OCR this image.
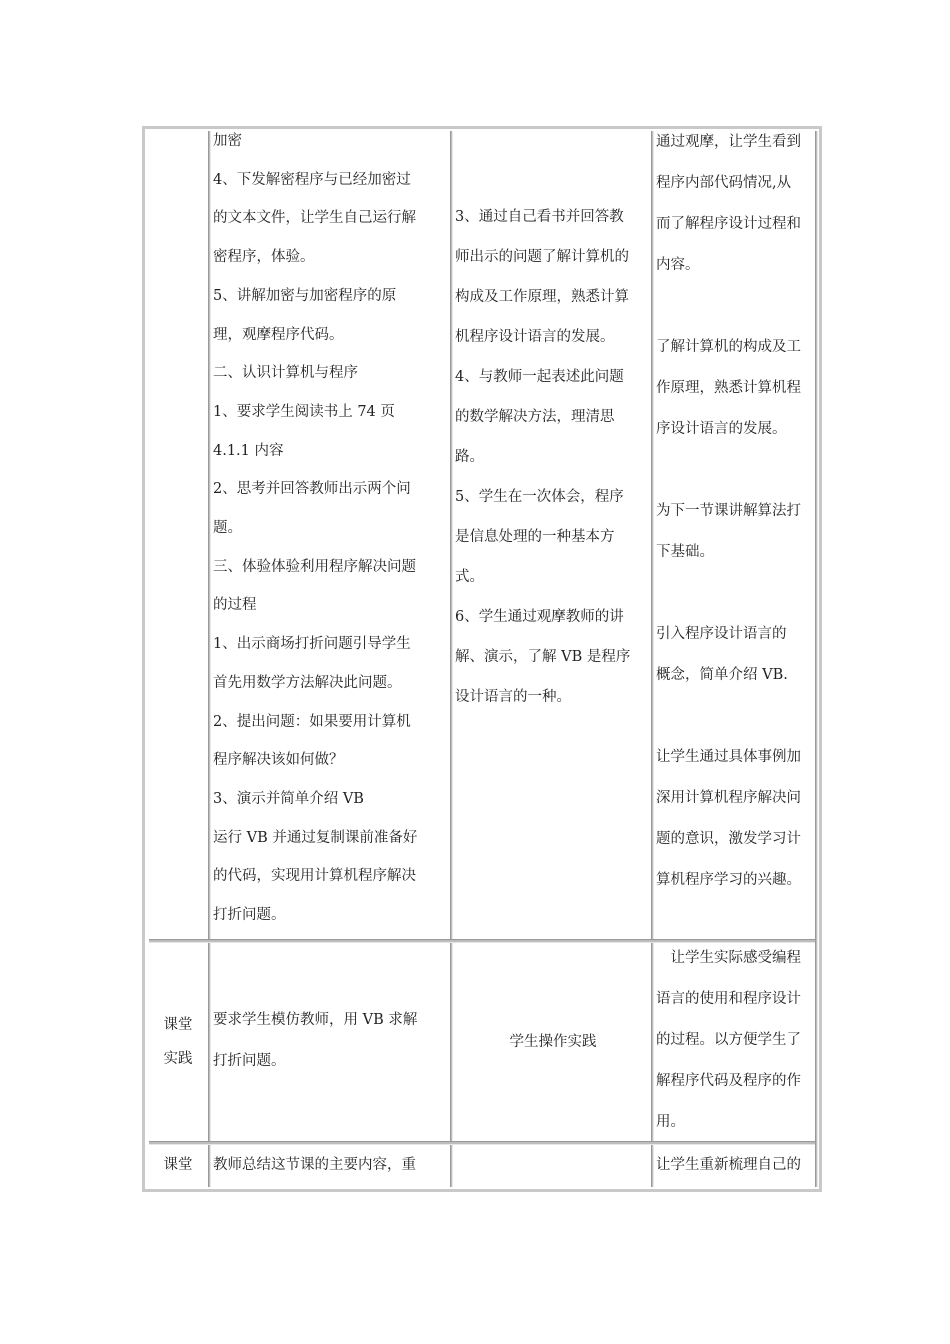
加密
4、下发解密程序与已经加密过
的文本文件，让学生自己运行解
密程序，体验。
5、讲解加密与加密程序的原
理，观摩程序代码。
二、认识计算机与程序
1、要求学生阅读书上 74 页
4.1.1 内容
2、思考并回答教师出示两个问
题。
三、体验体验利用程序解决问题
的过程
1、出示商场打折问题引导学生
首先用数学方法解决此问题。
2、提出问题：如果要用计算机
程序解决该如何做？
3、演示并简单介绍 VB
运行 VB 并通过复制课前准备好
的代码，实现用计算机程序解决
打折问题。
3、通过自己看书并回答教
师出示的问题了解计算机的
构成及工作原理，熟悉计算
机程序设计语言的发展。
4、与教师一起表述此问题
的数学解决方法，理清思
路。
5、学生在一次体会，程序
是信息处理的一种基本方
式。
6、学生通过观摩教师的讲
解、演示，了解 VB 是程序
设计语言的一种。
通过观摩，让学生看到
程序内部代码情况,从
而了解程序设计过程和
内容。

了解计算机的构成及工
作原理，熟悉计算机程
序设计语言的发展。

为下一节课讲解算法打
下基础。

引入程序设计语言的
概念，简单介绍 VB.

让学生通过具体事例加
深用计算机程序解决问
题的意识，激发学习计
算机程序学习的兴趣。
课堂
实践
要求学生模仿教师，用 VB 求解
打折问题。
学生操作实践
　让学生实际感受编程
语言的使用和程序设计
的过程。以方便学生了
解程序代码及程序的作
用。
课堂	教师总结这节课的主要内容，重
	让学生重新梳理自己的
